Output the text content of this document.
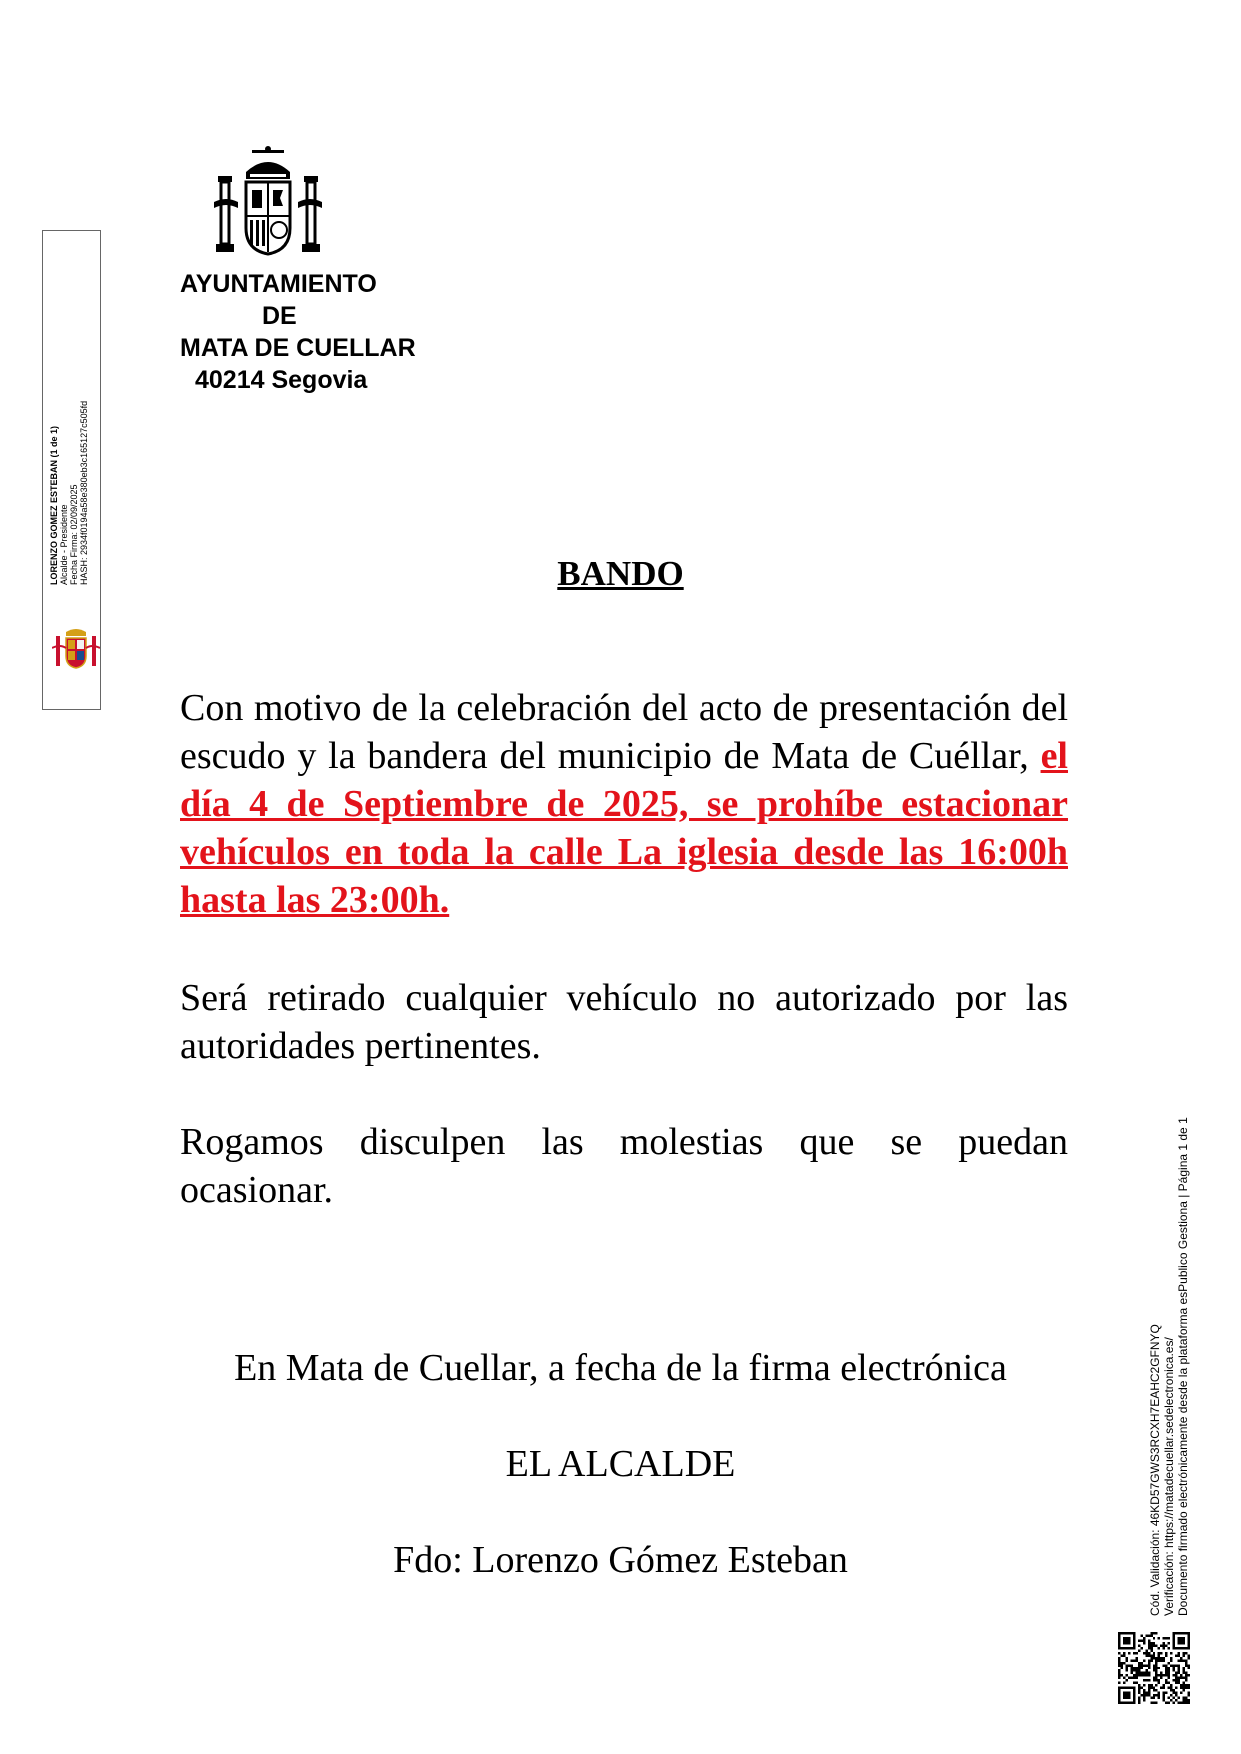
AYUNTAMIENTO
DE
MATA DE CUELLAR
40214 Segovia
LORENZO GOMEZ ESTEBAN (1 de 1) Alcalde - Presidente Fecha Firma: 02/09/2025 HASH: 2934f0194a58e380eb3c165127c505fd	BANDO
Con motivo de la celebración del acto de presentación del escudo y la bandera del municipio de Mata de Cuéllar, el día 4 de Septiembre de 2025, se prohíbe estacionar vehículos en toda la calle La iglesia desde las 16:00h hasta las 23:00h.
Será retirado cualquier vehículo no autorizado por las autoridades pertinentes.
Rogamos disculpen las molestias que se puedan ocasionar.
En Mata de Cuellar, a fecha de la firma electrónica
EL ALCALDE
Fdo: Lorenzo Gómez Esteban	Cód. Validación: 46KD57GWS3RCXH7EAHC2GFNYQ Verificación: https://matadecuellar.sedelectronica.es/ Documento firmado electrónicamente desde la plataforma esPublico Gestiona | Página 1 de 1
